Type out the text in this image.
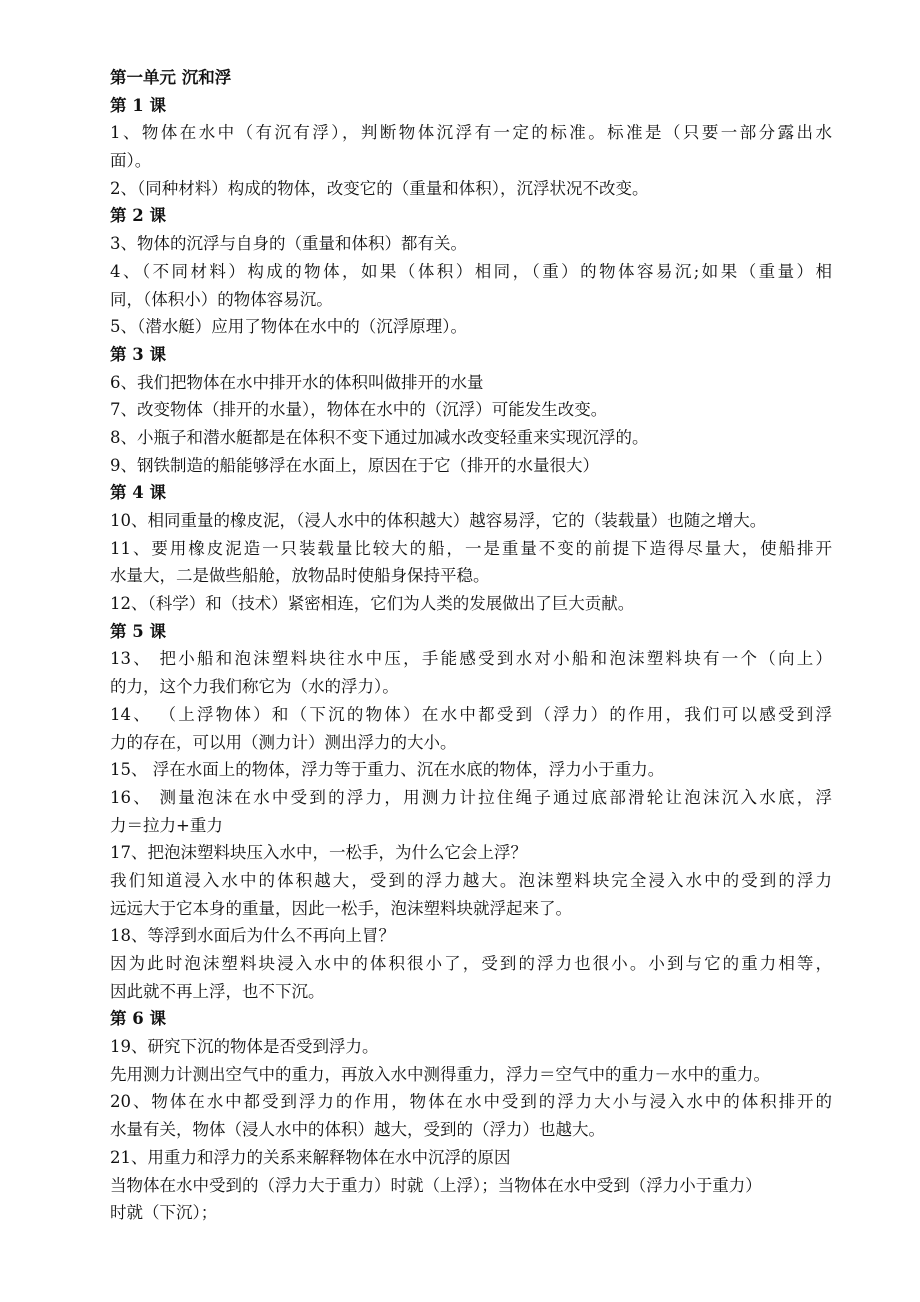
第一单元 沉和浮
第 1 课
1、物体在水中（有沉有浮），判断物体沉浮有一定的标准。标准是（只要一部分露出水
面）。
2、（同种材料）构成的物体，改变它的（重量和体积），沉浮状况不改变。
第 2 课
3、物体的沉浮与自身的（重量和体积）都有关。
4、（不同材料）构成的物体，如果（体积）相同，（重）的物体容易沉;如果（重量）相
同，（体积小）的物体容易沉。
5、（潜水艇）应用了物体在水中的（沉浮原理）。
第 3 课
6、我们把物体在水中排开水的体积叫做排开的水量
7、改变物体（排开的水量），物体在水中的（沉浮）可能发生改变。
8、小瓶子和潜水艇都是在体积不变下通过加减水改变轻重来实现沉浮的。
9、钢铁制造的船能够浮在水面上，原因在于它（排开的水量很大）
第 4 课
10、相同重量的橡皮泥，（浸人水中的体积越大）越容易浮，它的（装载量）也随之增大。
11、要用橡皮泥造一只装载量比较大的船，一是重量不变的前提下造得尽量大，使船排开
水量大，二是做些船舱，放物品时使船身保持平稳。
12、（科学）和（技术）紧密相连，它们为人类的发展做出了巨大贡献。
第 5 课
13、 把小船和泡沫塑料块往水中压，手能感受到水对小船和泡沫塑料块有一个（向上）
的力，这个力我们称它为（水的浮力）。
14、 （上浮物体）和（下沉的物体）在水中都受到（浮力）的作用，我们可以感受到浮
力的存在，可以用（测力计）测出浮力的大小。
15、 浮在水面上的物体，浮力等于重力、沉在水底的物体，浮力小于重力。
16、 测量泡沫在水中受到的浮力，用测力计拉住绳子通过底部滑轮让泡沫沉入水底，浮
力＝拉力+重力
17、把泡沫塑料块压入水中，一松手，为什么它会上浮？
我们知道浸入水中的体积越大，受到的浮力越大。泡沫塑料块完全浸入水中的受到的浮力
远远大于它本身的重量，因此一松手，泡沫塑料块就浮起来了。
18、等浮到水面后为什么不再向上冒？
因为此时泡沫塑料块浸入水中的体积很小了，受到的浮力也很小。小到与它的重力相等，
因此就不再上浮，也不下沉。
第 6 课
19、研究下沉的物体是否受到浮力。
先用测力计测出空气中的重力，再放入水中测得重力，浮力＝空气中的重力－水中的重力。
20、物体在水中都受到浮力的作用，物体在水中受到的浮力大小与浸入水中的体积排开的
水量有关，物体（浸人水中的体积）越大，受到的（浮力）也越大。
21、用重力和浮力的关系来解释物体在水中沉浮的原因
当物体在水中受到的（浮力大于重力）时就（上浮）；当物体在水中受到（浮力小于重力）
时就（下沉）；
